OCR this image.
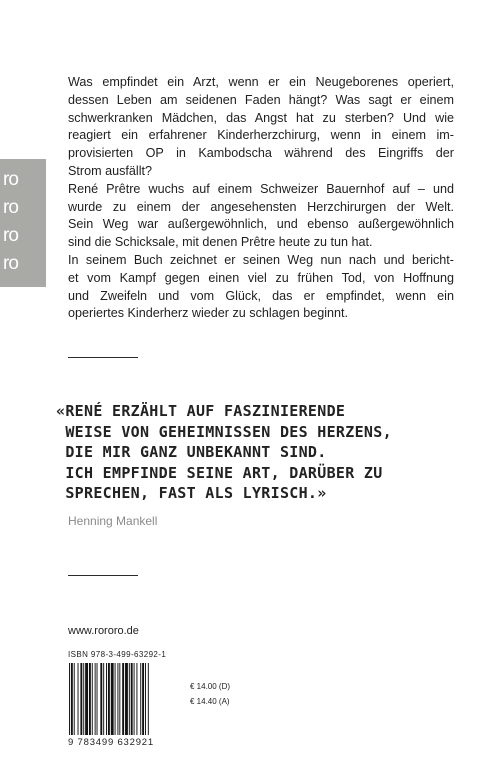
ro
ro
ro
ro

Was empfindet ein Arzt, wenn er ein Neugeborenes operiert,
dessen Leben am seidenen Faden hängt? Was sagt er einem
schwerkranken Mädchen, das Angst hat zu sterben? Und wie
reagiert ein erfahrener Kinderherzchirurg, wenn in einem im-
provisierten OP in Kambodscha während des Eingriffs der
Strom ausfällt?

René Prêtre wuchs auf einem Schweizer Bauernhof auf – und
wurde zu einem der angesehensten Herzchirurgen der Welt.
Sein Weg war außergewöhnlich, und ebenso außergewöhnlich
sind die Schicksale, mit denen Prêtre heute zu tun hat.

In seinem Buch zeichnet er seinen Weg nun nach und bericht-
et vom Kampf gegen einen viel zu frühen Tod, von Hoffnung
und Zweifeln und vom Glück, das er empfindet, wenn ein
operiertes Kinderherz wieder zu schlagen beginnt.

«RENÉ ERZÄHLT AUF FASZINIERENDE
WEISE VON GEHEIMNISSEN DES HERZENS,
DIE MIR GANZ UNBEKANNT SIND.
ICH EMPFINDE SEINE ART, DARÜBER ZU
SPRECHEN, FAST ALS LYRISCH.»
Henning Mankell
www.rororo.de
ISBN 978-3-499-63292-1
9 783499 632921
€ 14.00 (D)
€ 14.40 (A)
